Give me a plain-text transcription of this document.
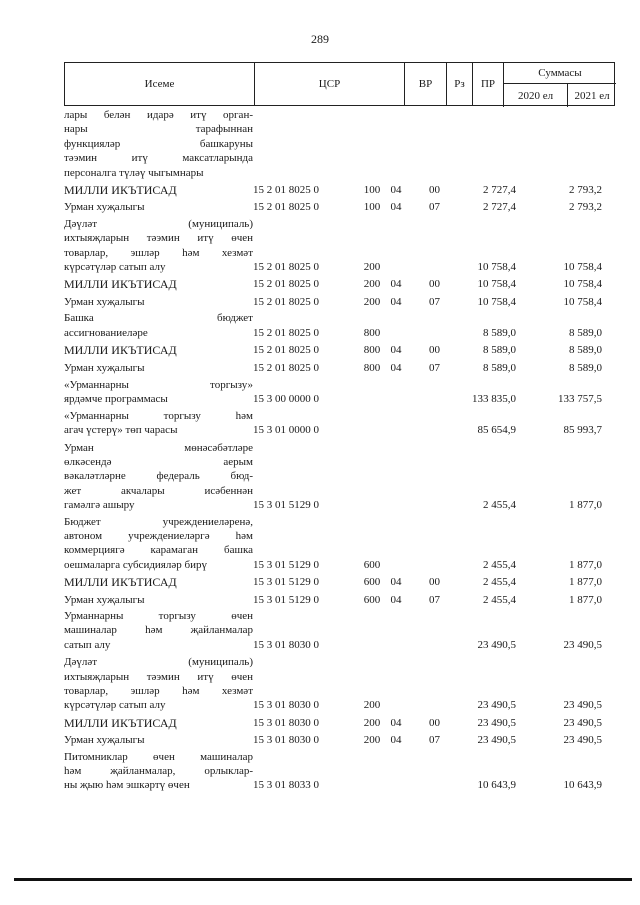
289
Исеме	ЦСР	ВР	Рз	ПР
Суммасы
2020 ел	2021 ел
лары белән идарә итү орган-
нары тарафыннан
функцияләр башкаруны
тәэмин итү максатларында
персоналга түләү чыгымнары
МИЛЛИ ИКЪТИСАД	15 2 01 8025 0	100 04	00	2 727,4	2 793,2
Урман хуҗалыгы	15 2 01 8025 0	100 04	07	2 727,4	2 793,2
Дәүләт (муниципаль)
ихтыяҗларын тәэмин итү өчен
товарлар, эшләр һәм хезмәт
күрсәтүләр сатып алу	15 2 01 8025 0	200	10 758,4	10 758,4
МИЛЛИ ИКЪТИСАД	15 2 01 8025 0	200 04	00	10 758,4	10 758,4
Урман хуҗалыгы	15 2 01 8025 0	200 04	07	10 758,4	10 758,4
Башка бюджет
ассигнованиеләре	15 2 01 8025 0	800	8 589,0	8 589,0
МИЛЛИ ИКЪТИСАД	15 2 01 8025 0	800 04	00	8 589,0	8 589,0
Урман хуҗалыгы	15 2 01 8025 0	800 04	07	8 589,0	8 589,0
«Урманнарны торгызу»
ярдәмче программасы	15 3 00 0000 0	133 835,0	133 757,5
«Урманнарны торгызу һәм
агач үстерү» төп чарасы	15 3 01 0000 0	85 654,9	85 993,7
Урман мөнәсәбәтләре
өлкәсендә аерым
вәкаләтләрне федераль бюд-
жет акчалары исәбеннән
гамәлгә ашыру	15 3 01 5129 0	2 455,4	1 877,0
Бюджет учреждениеләренә,
автоном учреждениеләргә һәм
коммерциягә карамаган башка
оешмаларга субсидияләр бирү	15 3 01 5129 0	600	2 455,4	1 877,0
МИЛЛИ ИКЪТИСАД	15 3 01 5129 0	600 04	00	2 455,4	1 877,0
Урман хуҗалыгы	15 3 01 5129 0	600 04	07	2 455,4	1 877,0
Урманнарны торгызу өчен
машиналар һәм җайланмалар
сатып алу	15 3 01 8030 0	23 490,5	23 490,5
Дәүләт (муниципаль)
ихтыяҗларын тәэмин итү өчен
товарлар, эшләр һәм хезмәт
күрсәтүләр сатып алу	15 3 01 8030 0	200	23 490,5	23 490,5
МИЛЛИ ИКЪТИСАД	15 3 01 8030 0	200 04	00	23 490,5	23 490,5
Урман хуҗалыгы	15 3 01 8030 0	200 04	07	23 490,5	23 490,5
Питомниклар өчен машиналар
һәм җайланмалар, орлыклар-
ны җыю һәм эшкәртү өчен	15 3 01 8033 0	10 643,9	10 643,9
